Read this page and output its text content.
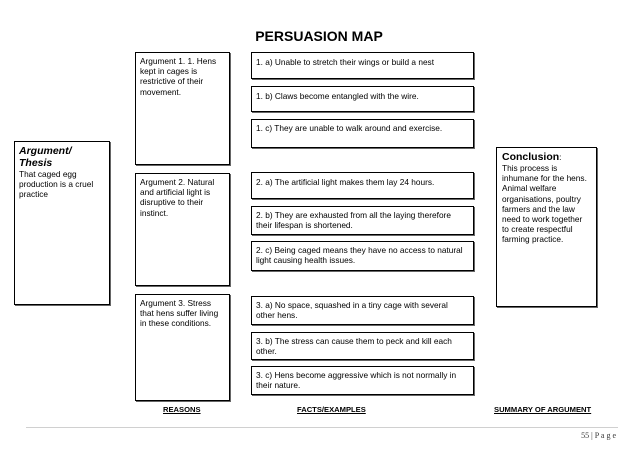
PERSUASION MAP
Argument/ Thesis
That caged egg production is a cruel practice
Argument 1. 1. Hens kept in cages is restrictive of their movement.
Argument 2. Natural and artificial light is disruptive to their instinct.
Argument 3. Stress that hens suffer living in these conditions.
1. a) Unable to stretch their wings or build a nest
1. b) Claws become entangled with the wire.
1. c) They are unable to walk around and exercise.
2. a) The artificial light makes them lay 24 hours.
2. b) They are exhausted from all the laying therefore their lifespan is shortened.
2. c) Being caged means they have no access to natural light causing health issues.
3. a) No space, squashed in a tiny cage with several other hens.
3. b) The stress can cause them to peck and kill each other.
3. c) Hens become aggressive which is not normally in their nature.
Conclusion:
This process is inhumane for the hens. Animal welfare organisations, poultry farmers and the law need to work together to create respectful farming practice.
REASONS	FACTS/EXAMPLES	SUMMARY OF ARGUMENT
55 | P a g e
